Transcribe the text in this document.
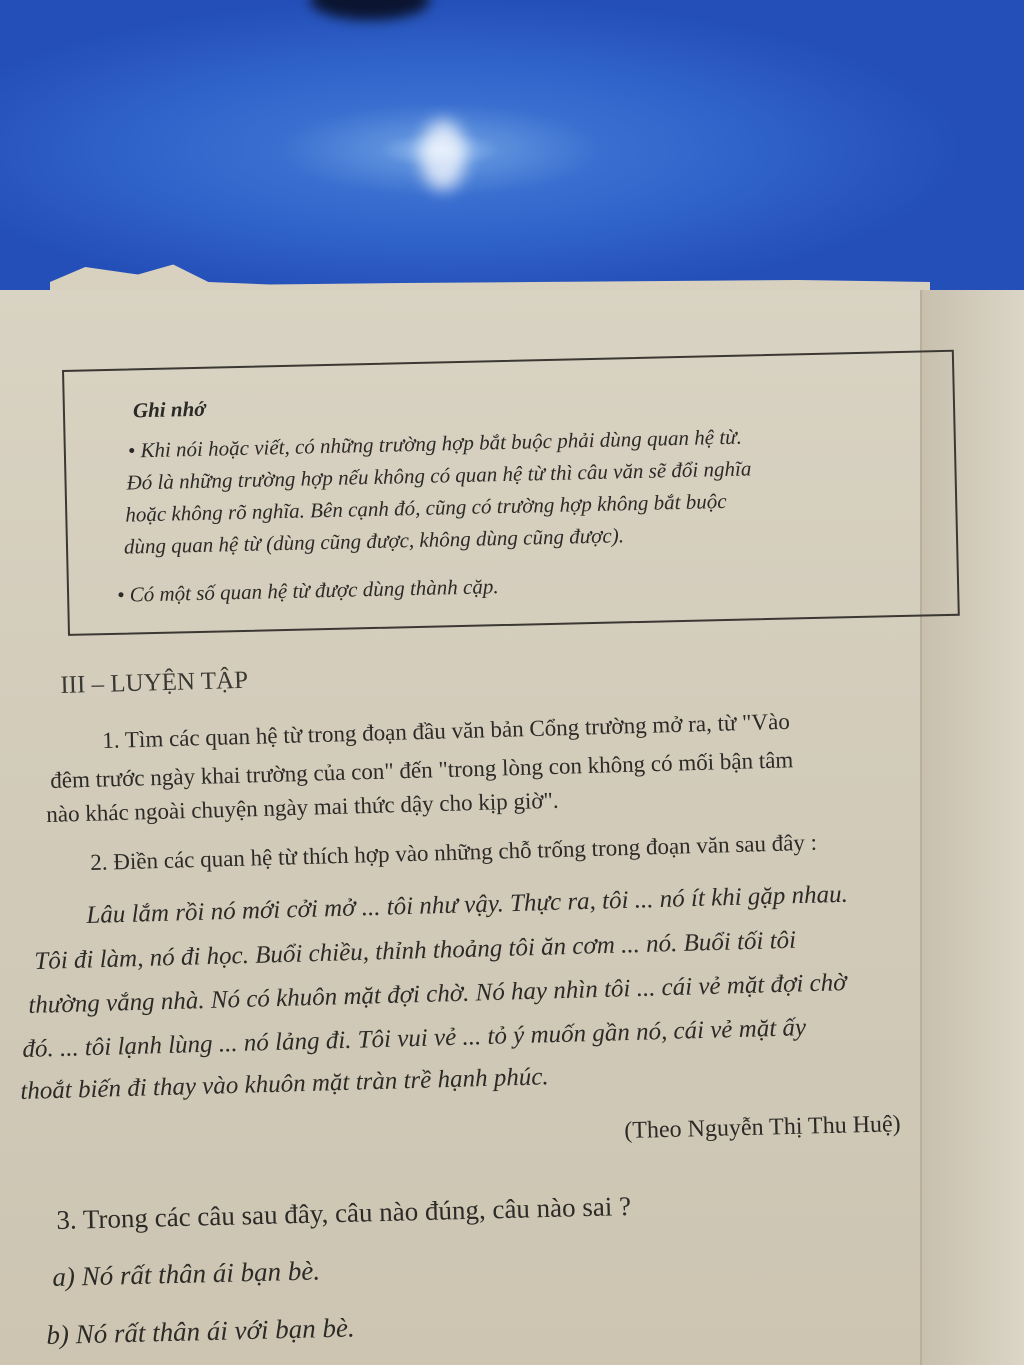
Ghi nhớ
• Khi nói hoặc viết, có những trường hợp bắt buộc phải dùng quan hệ từ.
Đó là những trường hợp nếu không có quan hệ từ thì câu văn sẽ đổi nghĩa
hoặc không rõ nghĩa. Bên cạnh đó, cũng có trường hợp không bắt buộc
dùng quan hệ từ (dùng cũng được, không dùng cũng được).
• Có một số quan hệ từ được dùng thành cặp.
III – LUYỆN TẬP
1. Tìm các quan hệ từ trong đoạn đầu văn bản Cổng trường mở ra, từ "Vào
đêm trước ngày khai trường của con" đến "trong lòng con không có mối bận tâm
nào khác ngoài chuyện ngày mai thức dậy cho kịp giờ".
2. Điền các quan hệ từ thích hợp vào những chỗ trống trong đoạn văn sau đây :
Lâu lắm rồi nó mới cởi mở ... tôi như vậy. Thực ra, tôi ... nó ít khi gặp nhau.
Tôi đi làm, nó đi học. Buổi chiều, thỉnh thoảng tôi ăn cơm ... nó. Buổi tối tôi
thường vắng nhà. Nó có khuôn mặt đợi chờ. Nó hay nhìn tôi ... cái vẻ mặt đợi chờ
đó. ... tôi lạnh lùng ... nó lảng đi. Tôi vui vẻ ... tỏ ý muốn gần nó, cái vẻ mặt ấy
thoắt biến đi thay vào khuôn mặt tràn trề hạnh phúc.
(Theo Nguyễn Thị Thu Huệ)
3. Trong các câu sau đây, câu nào đúng, câu nào sai ?
a) Nó rất thân ái bạn bè.
b) Nó rất thân ái với bạn bè.
